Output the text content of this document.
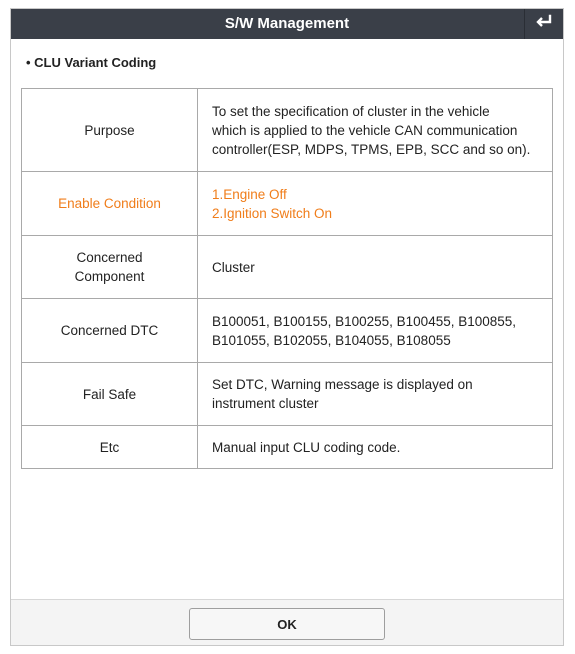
S/W Management
• CLU Variant Coding
Purpose	To set the specification of cluster in the vehicle
which is applied to the vehicle CAN communication
controller(ESP, MDPS, TPMS, EPB, SCC and so on).

Enable Condition	1.Engine Off
2.Ignition Switch On

Concerned
Component	Cluster

Concerned DTC	B100051, B100155, B100255, B100455, B100855,
B101055, B102055, B104055, B108055

Fail Safe	Set DTC, Warning message is displayed on
instrument cluster

Etc	Manual input CLU coding code.
OK
